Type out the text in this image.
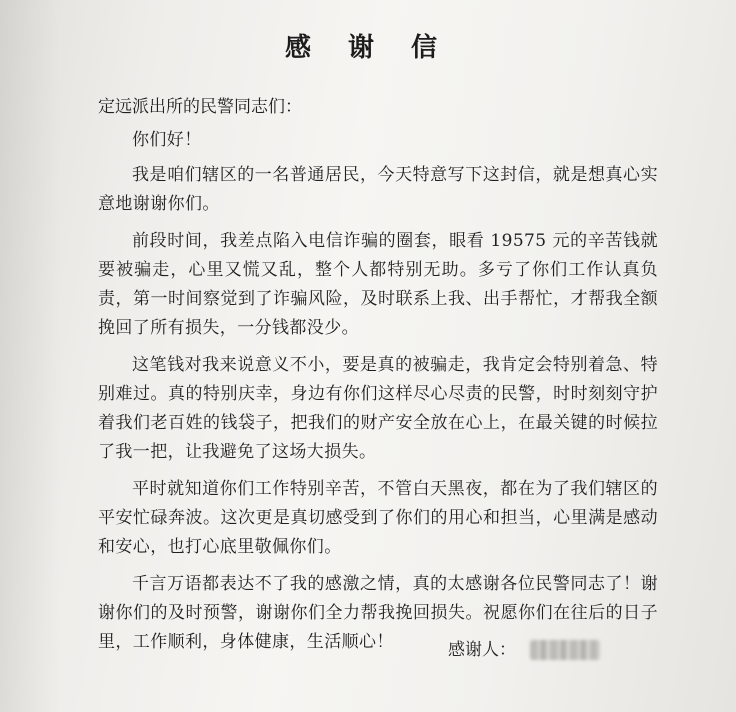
感 谢 信
定远派出所的民警同志们：

你们好！

我是咱们辖区的一名普通居民，今天特意写下这封信，就是想真心实意地谢谢你们。

前段时间，我差点陷入电信诈骗的圈套，眼看 19575 元的辛苦钱就要被骗走，心里又慌又乱，整个人都特别无助。多亏了你们工作认真负责，第一时间察觉到了诈骗风险，及时联系上我、出手帮忙，才帮我全额挽回了所有损失，一分钱都没少。

这笔钱对我来说意义不小，要是真的被骗走，我肯定会特别着急、特别难过。真的特别庆幸，身边有你们这样尽心尽责的民警，时时刻刻守护着我们老百姓的钱袋子，把我们的财产安全放在心上，在最关键的时候拉了我一把，让我避免了这场大损失。

平时就知道你们工作特别辛苦，不管白天黑夜，都在为了我们辖区的平安忙碌奔波。这次更是真切感受到了你们的用心和担当，心里满是感动和安心，也打心底里敬佩你们。

千言万语都表达不了我的感激之情，真的太感谢各位民警同志了！谢谢你们的及时预警，谢谢你们全力帮我挽回损失。祝愿你们在往后的日子里，工作顺利，身体健康，生活顺心！	感谢人：
